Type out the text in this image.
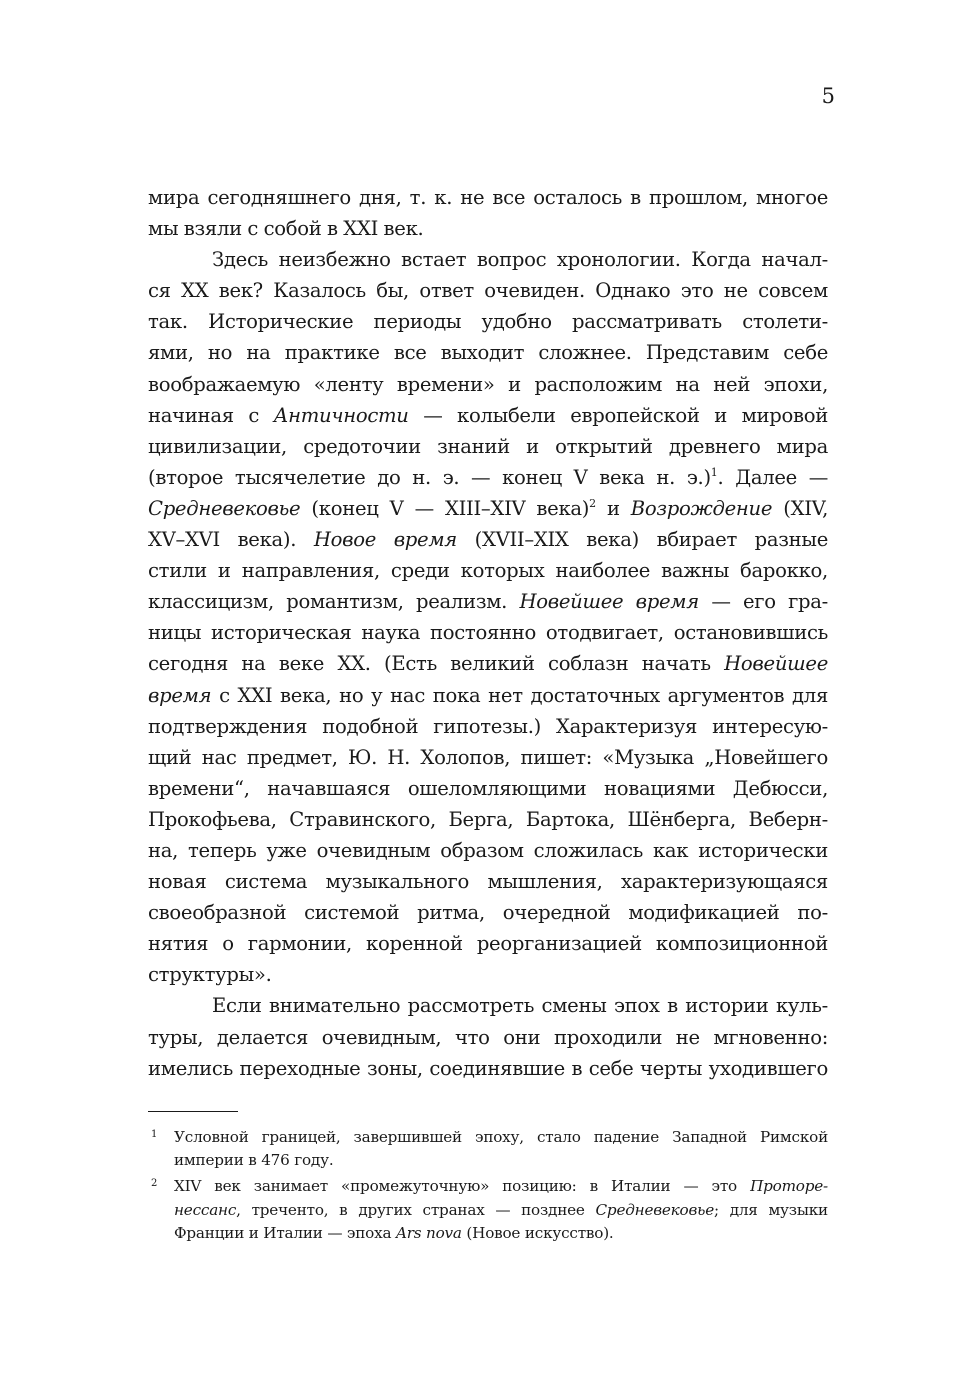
5
мира сегодняшнего дня, т. к. не все осталось в прошлом, многое
мы взяли с собой в XXI век.
Здесь неизбежно встает вопрос хронологии. Когда начал-
ся XX век? Казалось бы, ответ очевиден. Однако это не совсем
так. Исторические периоды удобно рассматривать столети-
ями, но на практике все выходит сложнее. Представим себе
воображаемую «ленту времени» и расположим на ней эпохи,
начиная с Античности — колыбели европейской и мировой
цивилизации, средоточии знаний и открытий древнего мира
(второе тысячелетие до н. э. — конец V века н. э.)$^1$. Далее —
Средневековье (конец V — XIII–XIV века)$^2$ и Возрождение (XIV,
XV–XVI века). Новое время (XVII–XIX века) вбирает разные
стили и направления, среди которых наиболее важны барокко,
классицизм, романтизм, реализм. Новейшее время — его гра-
ницы историческая наука постоянно отодвигает, остановившись
сегодня на веке XX. (Есть великий соблазн начать Новейшее
время с XXI века, но у нас пока нет достаточных аргументов для
подтверждения подобной гипотезы.) Характеризуя интересую-
щий нас предмет, Ю. Н. Холопов, пишет: «Музыка „Новейшего
времени“, начавшаяся ошеломляющими новациями Дебюсси,
Прокофьева, Стравинского, Берга, Бартока, Шёнберга, Веберн-
на, теперь уже очевидным образом сложилась как исторически
новая система музыкального мышления, характеризующаяся
своеобразной системой ритма, очередной модификацией по-
нятия о гармонии, коренной реорганизацией композиционной
структуры».
Если внимательно рассмотреть смены эпох в истории куль-
туры, делается очевидным, что они проходили не мгновенно:
имелись переходные зоны, соединявшие в себе черты уходившего
1 Условной границей, завершившей эпоху, стало падение Западной Римской
империи в 476 году.
2 XIV век занимает «промежуточную» позицию: в Италии — это Проторе-
нессанс, треченто, в других странах — позднее Средневековье; для музыки
Франции и Италии — эпоха Ars nova (Новое искусство).
